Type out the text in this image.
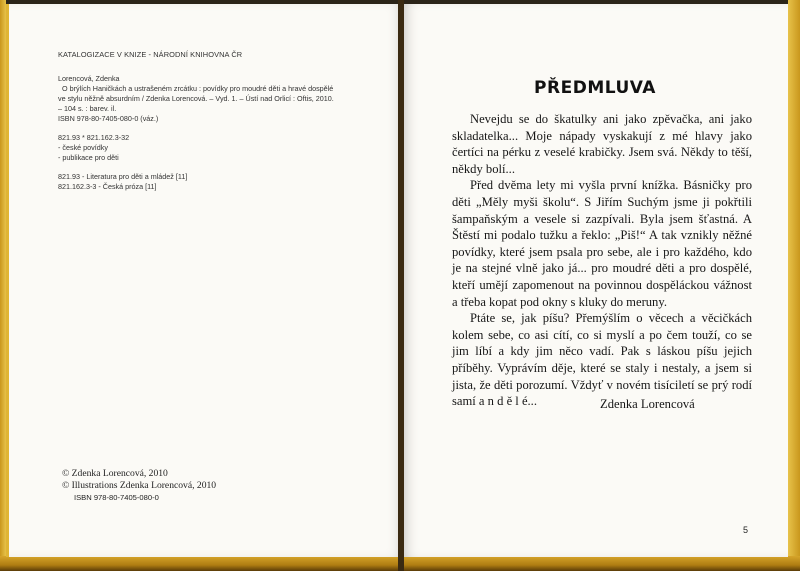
KATALOGIZACE V KNIZE - NÁRODNÍ KNIHOVNA ČR
Lorencová, Zdenka
O brýlích Haničkách a ustrašeném zrcátku : povídky pro moudré děti a hravé dospělé
ve stylu něžně absurdním / Zdenka Lorencová. – Vyd. 1. – Ústí nad Orlicí : Oftis, 2010.
– 104 s. : barev. il.
ISBN 978-80-7405-080-0 (váz.)
821.93 * 821.162.3-32
- české povídky
- publikace pro děti
821.93 - Literatura pro děti a mládež [11]
821.162.3-3 - Česká próza [11]
© Zdenka Lorencová, 2010
© Illustrations Zdenka Lorencová, 2010
ISBN 978-80-7405-080-0
PŘEDMLUVA

Nevejdu se do škatulky ani jako zpěvačka, ani jako skladatelka... Moje nápady vyskakují z mé hlavy jako čertíci na pérku z veselé krabičky. Jsem svá. Někdy to těší, někdy bolí...

Před dvěma lety mi vyšla první knížka. Básničky pro děti „Měly myši školu“. S Jiřím Suchým jsme ji pokřtili šampaňským a vesele si zazpívali. Byla jsem šťastná. A Štěstí mi podalo tužku a řeklo: „Piš!“ A tak vznikly něžné povídky, které jsem psala pro sebe, ale i pro každého, kdo je na stejné vlně jako já... pro moudré děti a pro dospělé, kteří umějí zapomenout na povinnou dospěláckou vážnost a třeba kopat pod okny s kluky do meruny.

Ptáte se, jak píšu? Přemýšlím o věcech a věcičkách kolem sebe, co asi cítí, co si myslí a po čem touží, co se jim líbí a kdy jim něco vadí. Pak s láskou píšu jejich příběhy. Vyprávím děje, které se staly i nestaly, a jsem si jista, že děti porozumí. Vždyť v novém tisíciletí se prý rodí samí a n d ě l é...	Zdenka Lorencová
5
